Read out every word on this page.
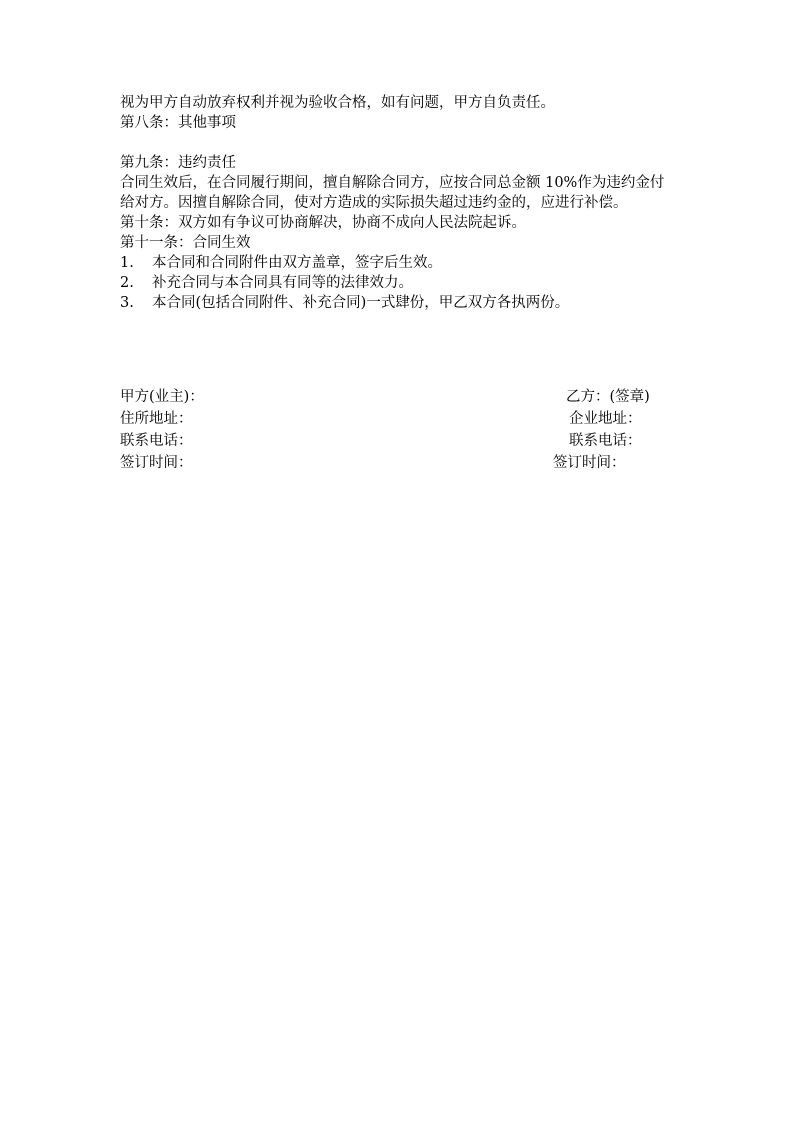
视为甲方自动放弃权利并视为验收合格，如有问题，甲方自负责任。
第八条：其他事项
第九条：违约责任
合同生效后，在合同履行期间，擅自解除合同方，应按合同总金额 10%作为违约金付给对方。因擅自解除合同，使对方造成的实际损失超过违约金的，应进行补偿。
第十条：双方如有争议可协商解决，协商不成向人民法院起诉。
第十一条：合同生效
1. 本合同和合同附件由双方盖章，签字后生效。
2. 补充合同与本合同具有同等的法律效力。
3. 本合同(包括合同附件、补充合同)一式肆份，甲乙双方各执两份。
甲方(业主)：	乙方：(签章)
住所地址：	企业地址：
联系电话：	联系电话：
签订时间：	签订时间：
